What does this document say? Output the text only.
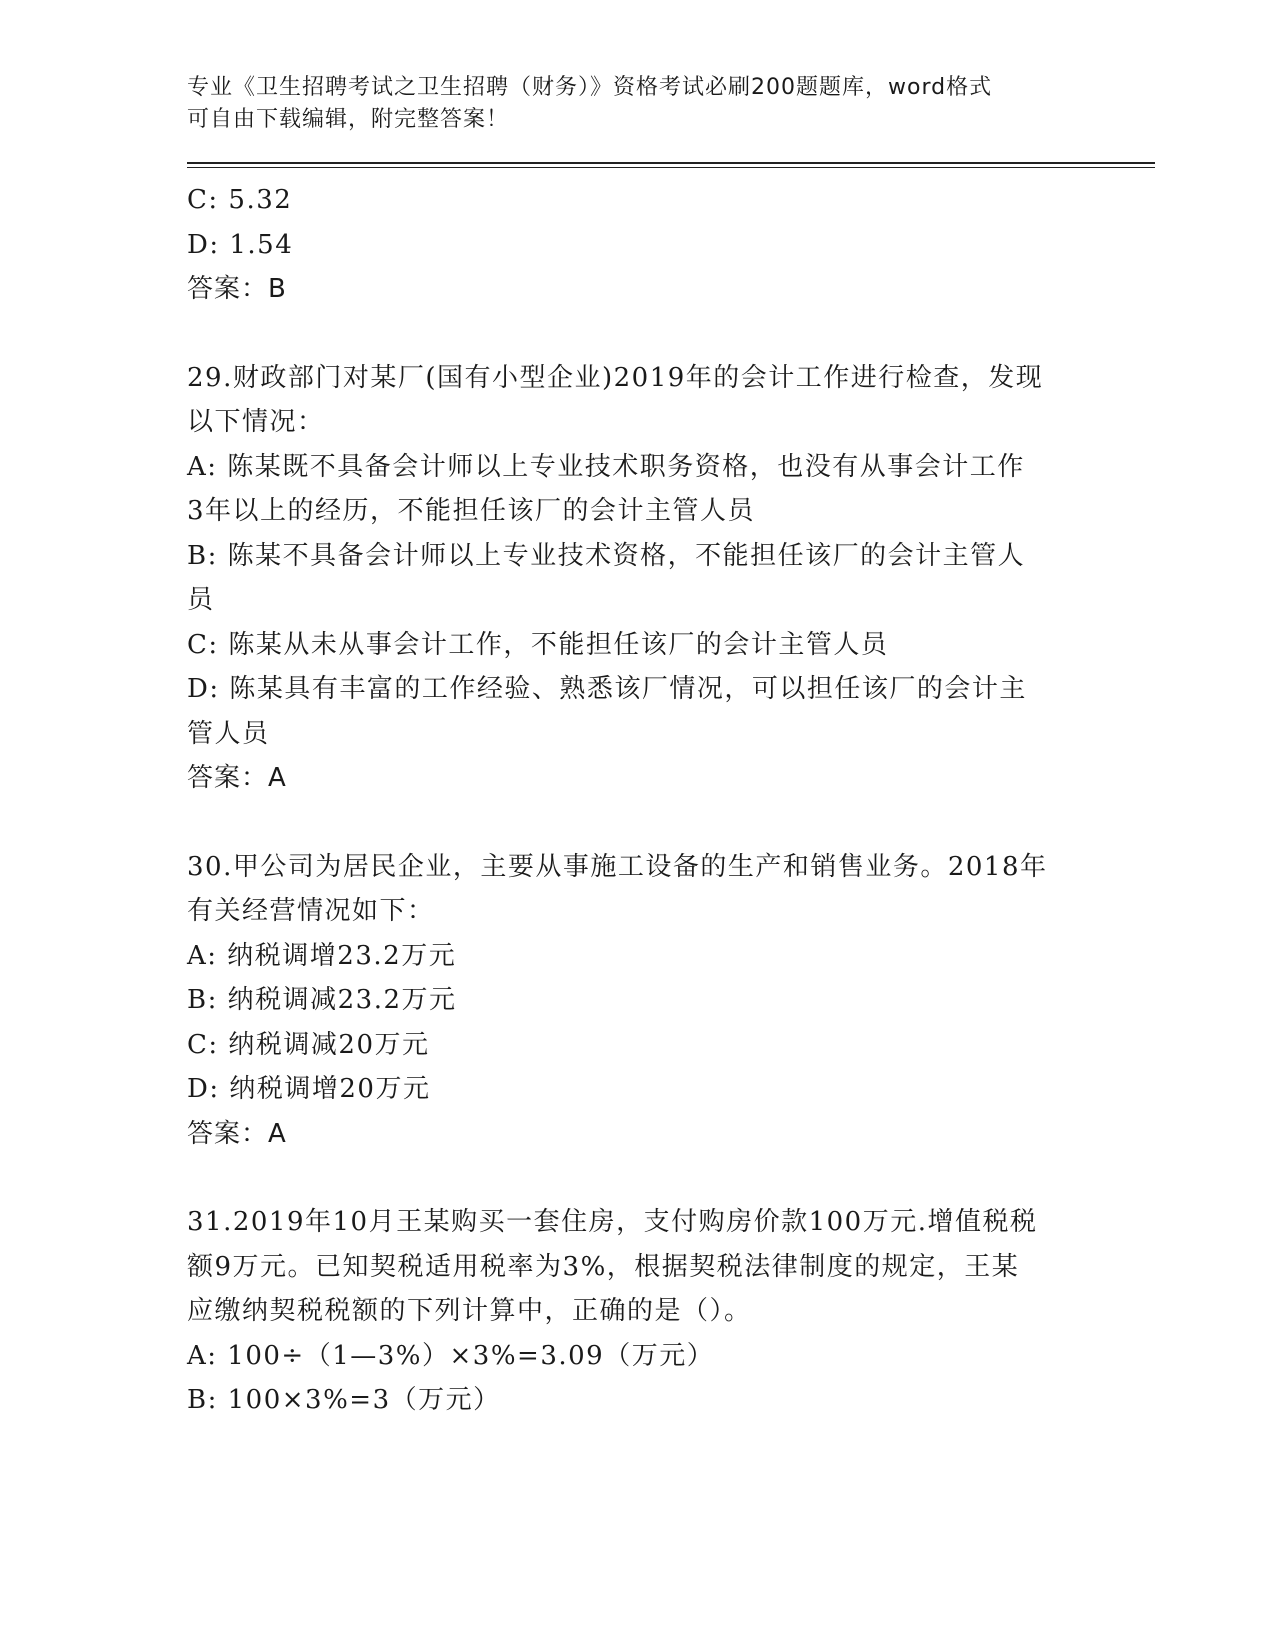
专业《卫生招聘考试之卫生招聘（财务）》资格考试必刷200题题库，word格式
可自由下载编辑，附完整答案！

C: 5.32

D: 1.54

答案：B

29.财政部门对某厂(国有小型企业)2019年的会计工作进行检查，发现

以下情况：

A: 陈某既不具备会计师以上专业技术职务资格，也没有从事会计工作

3年以上的经历，不能担任该厂的会计主管人员

B: 陈某不具备会计师以上专业技术资格，不能担任该厂的会计主管人

员

C: 陈某从未从事会计工作，不能担任该厂的会计主管人员

D: 陈某具有丰富的工作经验、熟悉该厂情况，可以担任该厂的会计主

管人员

答案：A

30.甲公司为居民企业，主要从事施工设备的生产和销售业务。2018年

有关经营情况如下：

A: 纳税调增23.2万元

B: 纳税调减23.2万元

C: 纳税调减20万元

D: 纳税调增20万元

答案：A

31.2019年10月王某购买一套住房，支付购房价款100万元.增值税税

额9万元。已知契税适用税率为3%，根据契税法律制度的规定，王某

应缴纳契税税额的下列计算中，正确的是（）。

A: 100÷（1—3%）×3%=3.09（万元）

B: 100×3%=3（万元）
